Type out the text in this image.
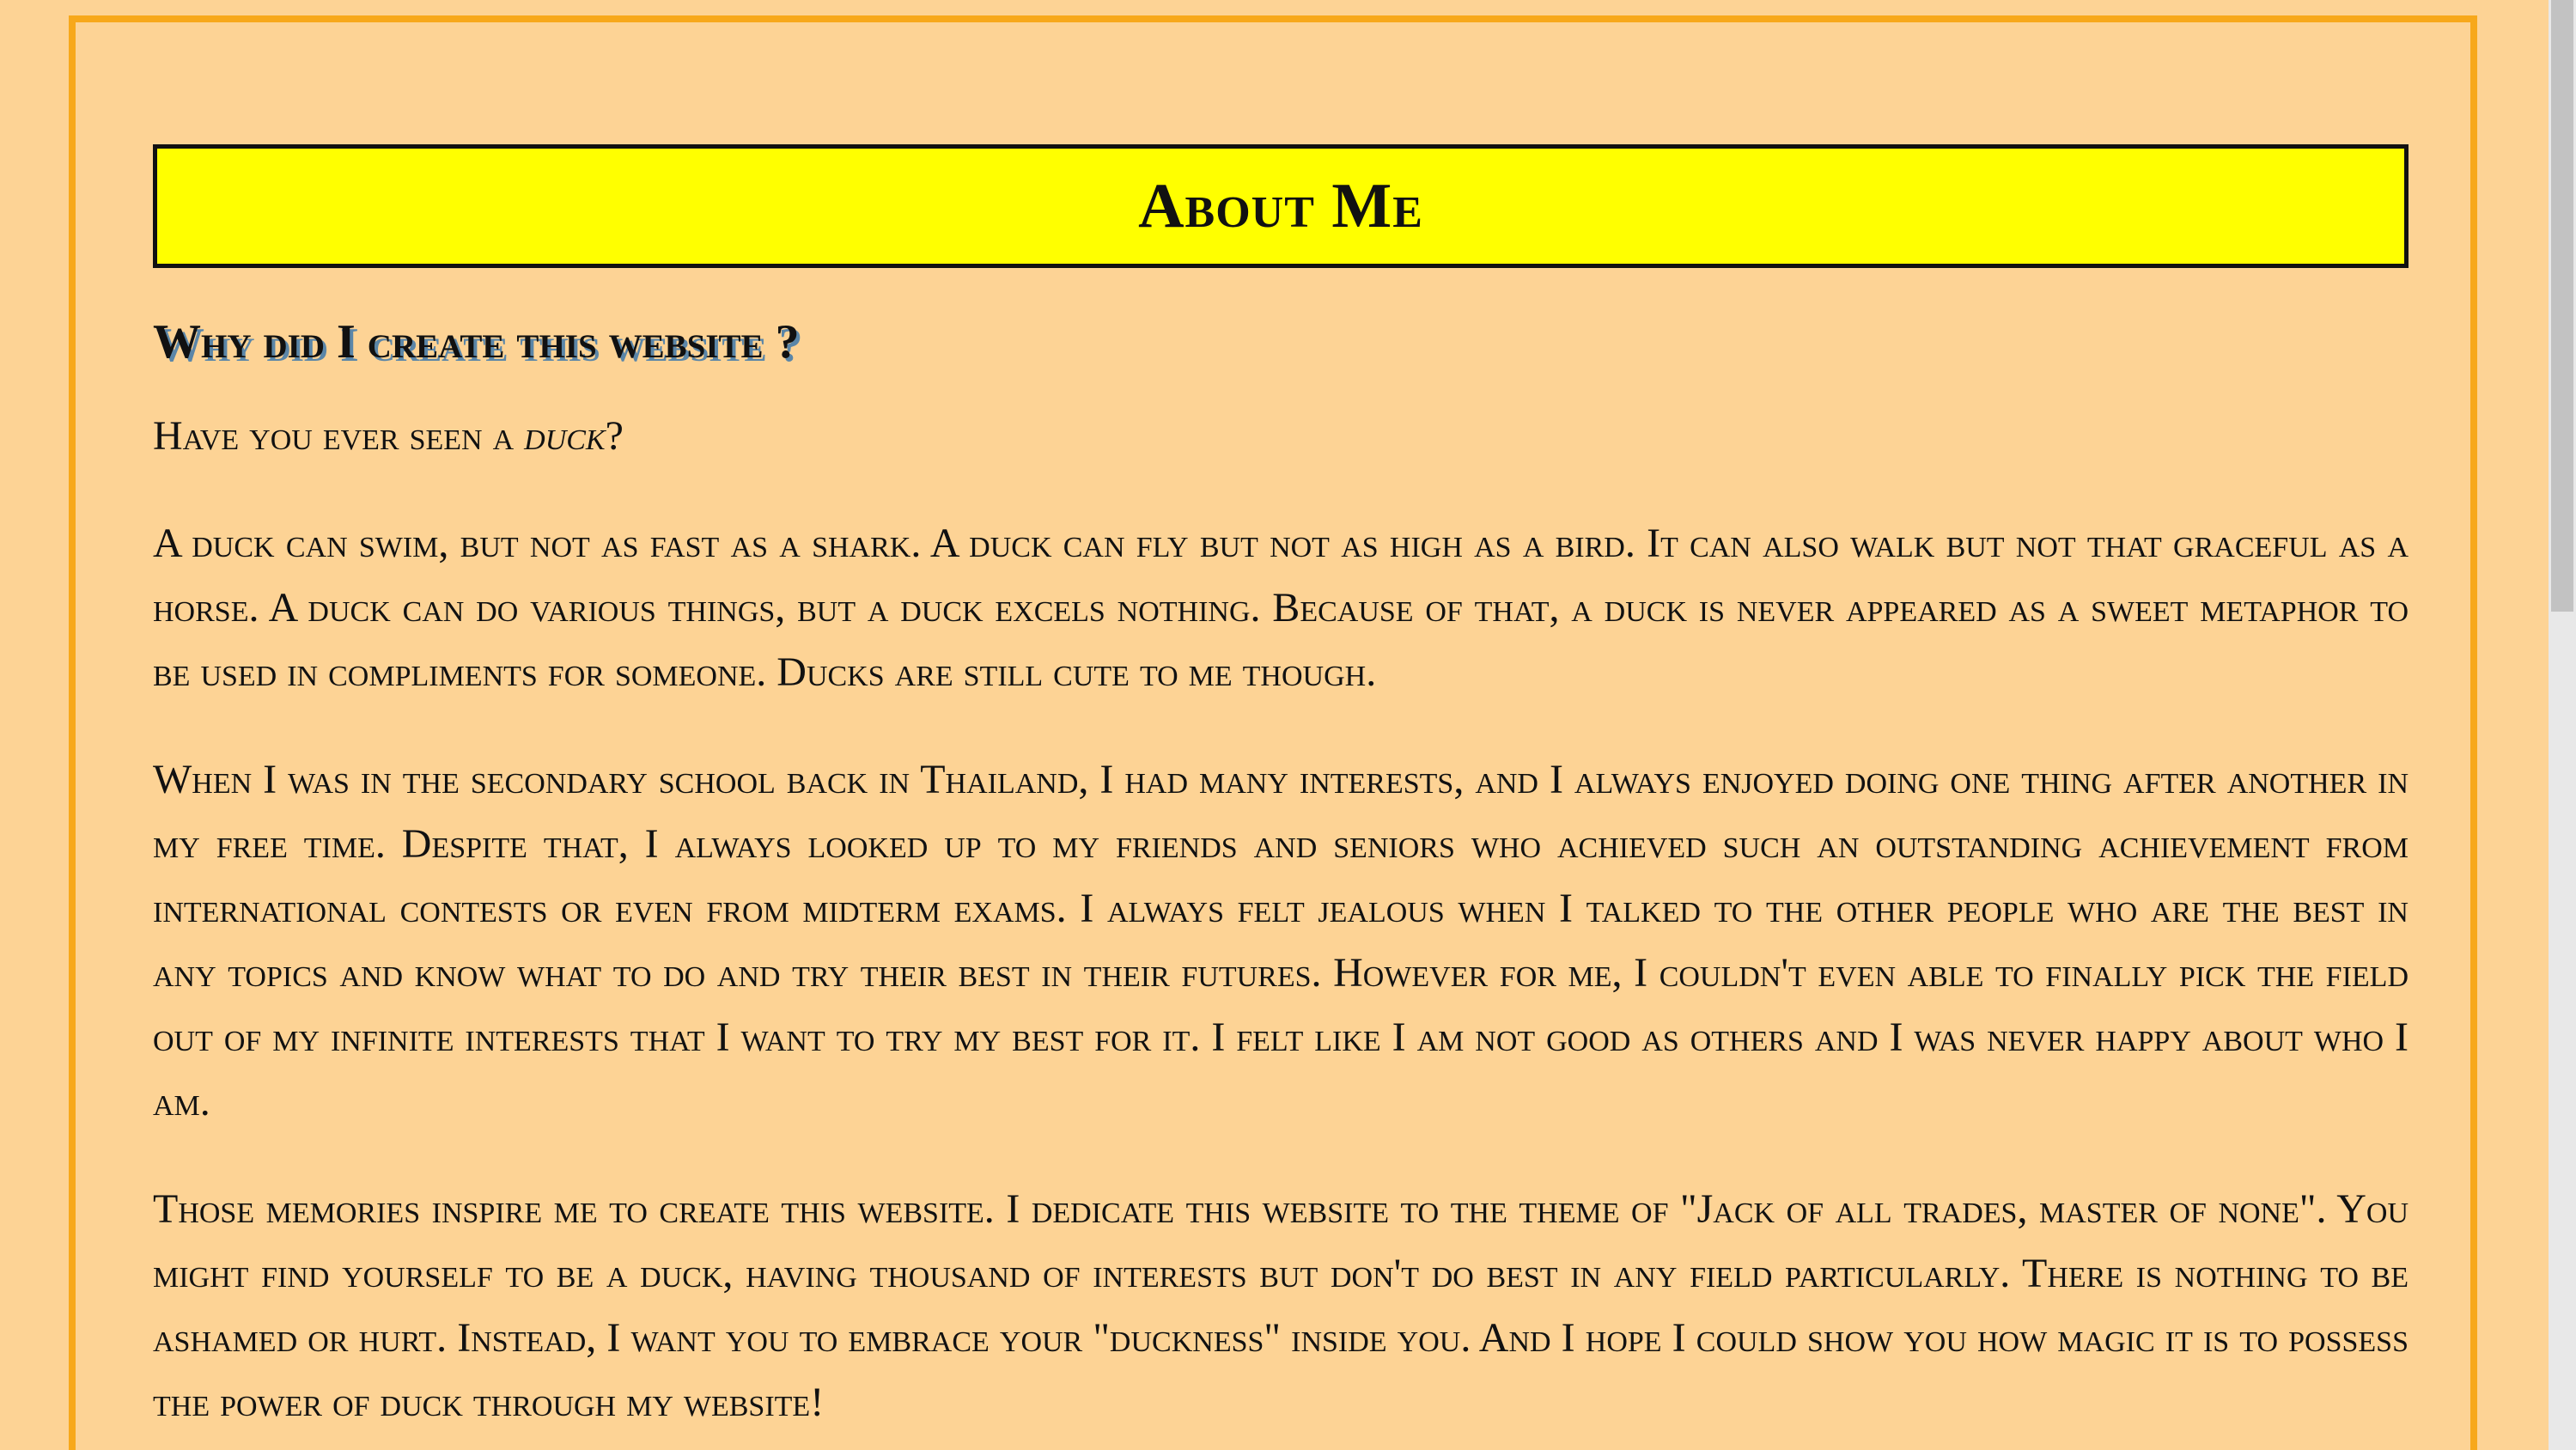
About Me
Why did I create this website ?

Have you ever seen a duck?

A duck can swim, but not as fast as a shark. A duck can fly but not as high as a bird. It can also walk but not that graceful as a horse. A duck can do various things, but a duck excels nothing. Because of that, a duck is never appeared as a sweet metaphor to be used in compliments for someone. Ducks are still cute to me though.

When I was in the secondary school back in Thailand, I had many interests, and I always enjoyed doing one thing after another in my free time. Despite that, I always looked up to my friends and seniors who achieved such an outstanding achievement from international contests or even from midterm exams. I always felt jealous when I talked to the other people who are the best in any topics and know what to do and try their best in their futures. However for me, I couldn't even able to finally pick the field out of my infinite interests that I want to try my best for it. I felt like I am not good as others and I was never happy about who I am.

Those memories inspire me to create this website. I dedicate this website to the theme of "Jack of all trades, master of none". You might find yourself to be a duck, having thousand of interests but don't do best in any field particularly. There is nothing to be ashamed or hurt. Instead, I want you to embrace your "duckness" inside you. And I hope I could show you how magic it is to possess the power of duck through my website!
